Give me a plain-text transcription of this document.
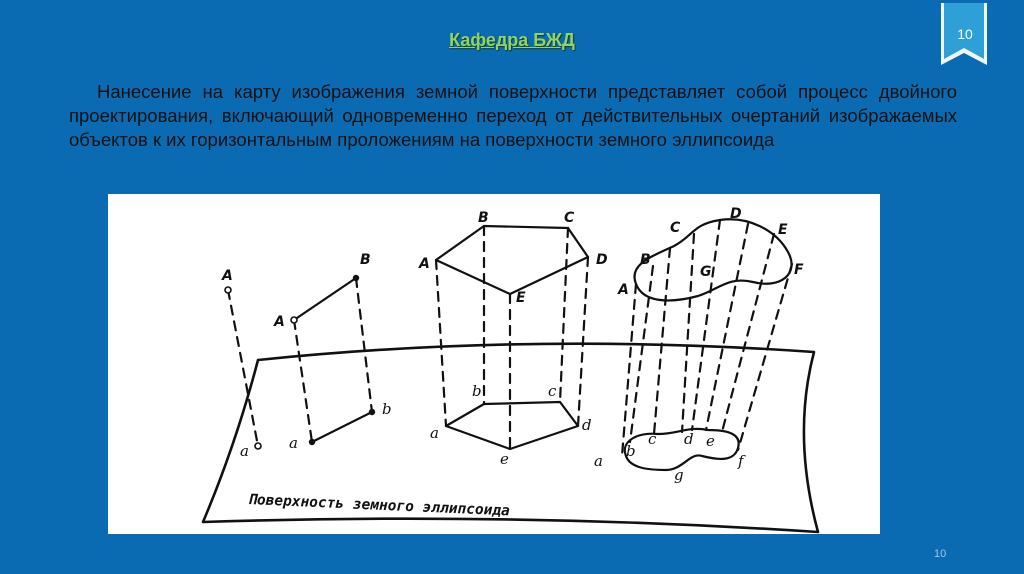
Кафедра БЖД	10
Нанесение на карту изображения земной поверхности представляет собой процесс двойного проектирования, включающий одновременно переход от действительных очертаний изображаемых объектов к их горизонтальным проложениям на поверхности земного эллипсоида
A
a
A
B
a
b
A
B	C
D
E
a
b	c
d
e
A
B
C
D
E
F
G
a
b
c d e
f
g
Поверхность земного эллипсоида
10
